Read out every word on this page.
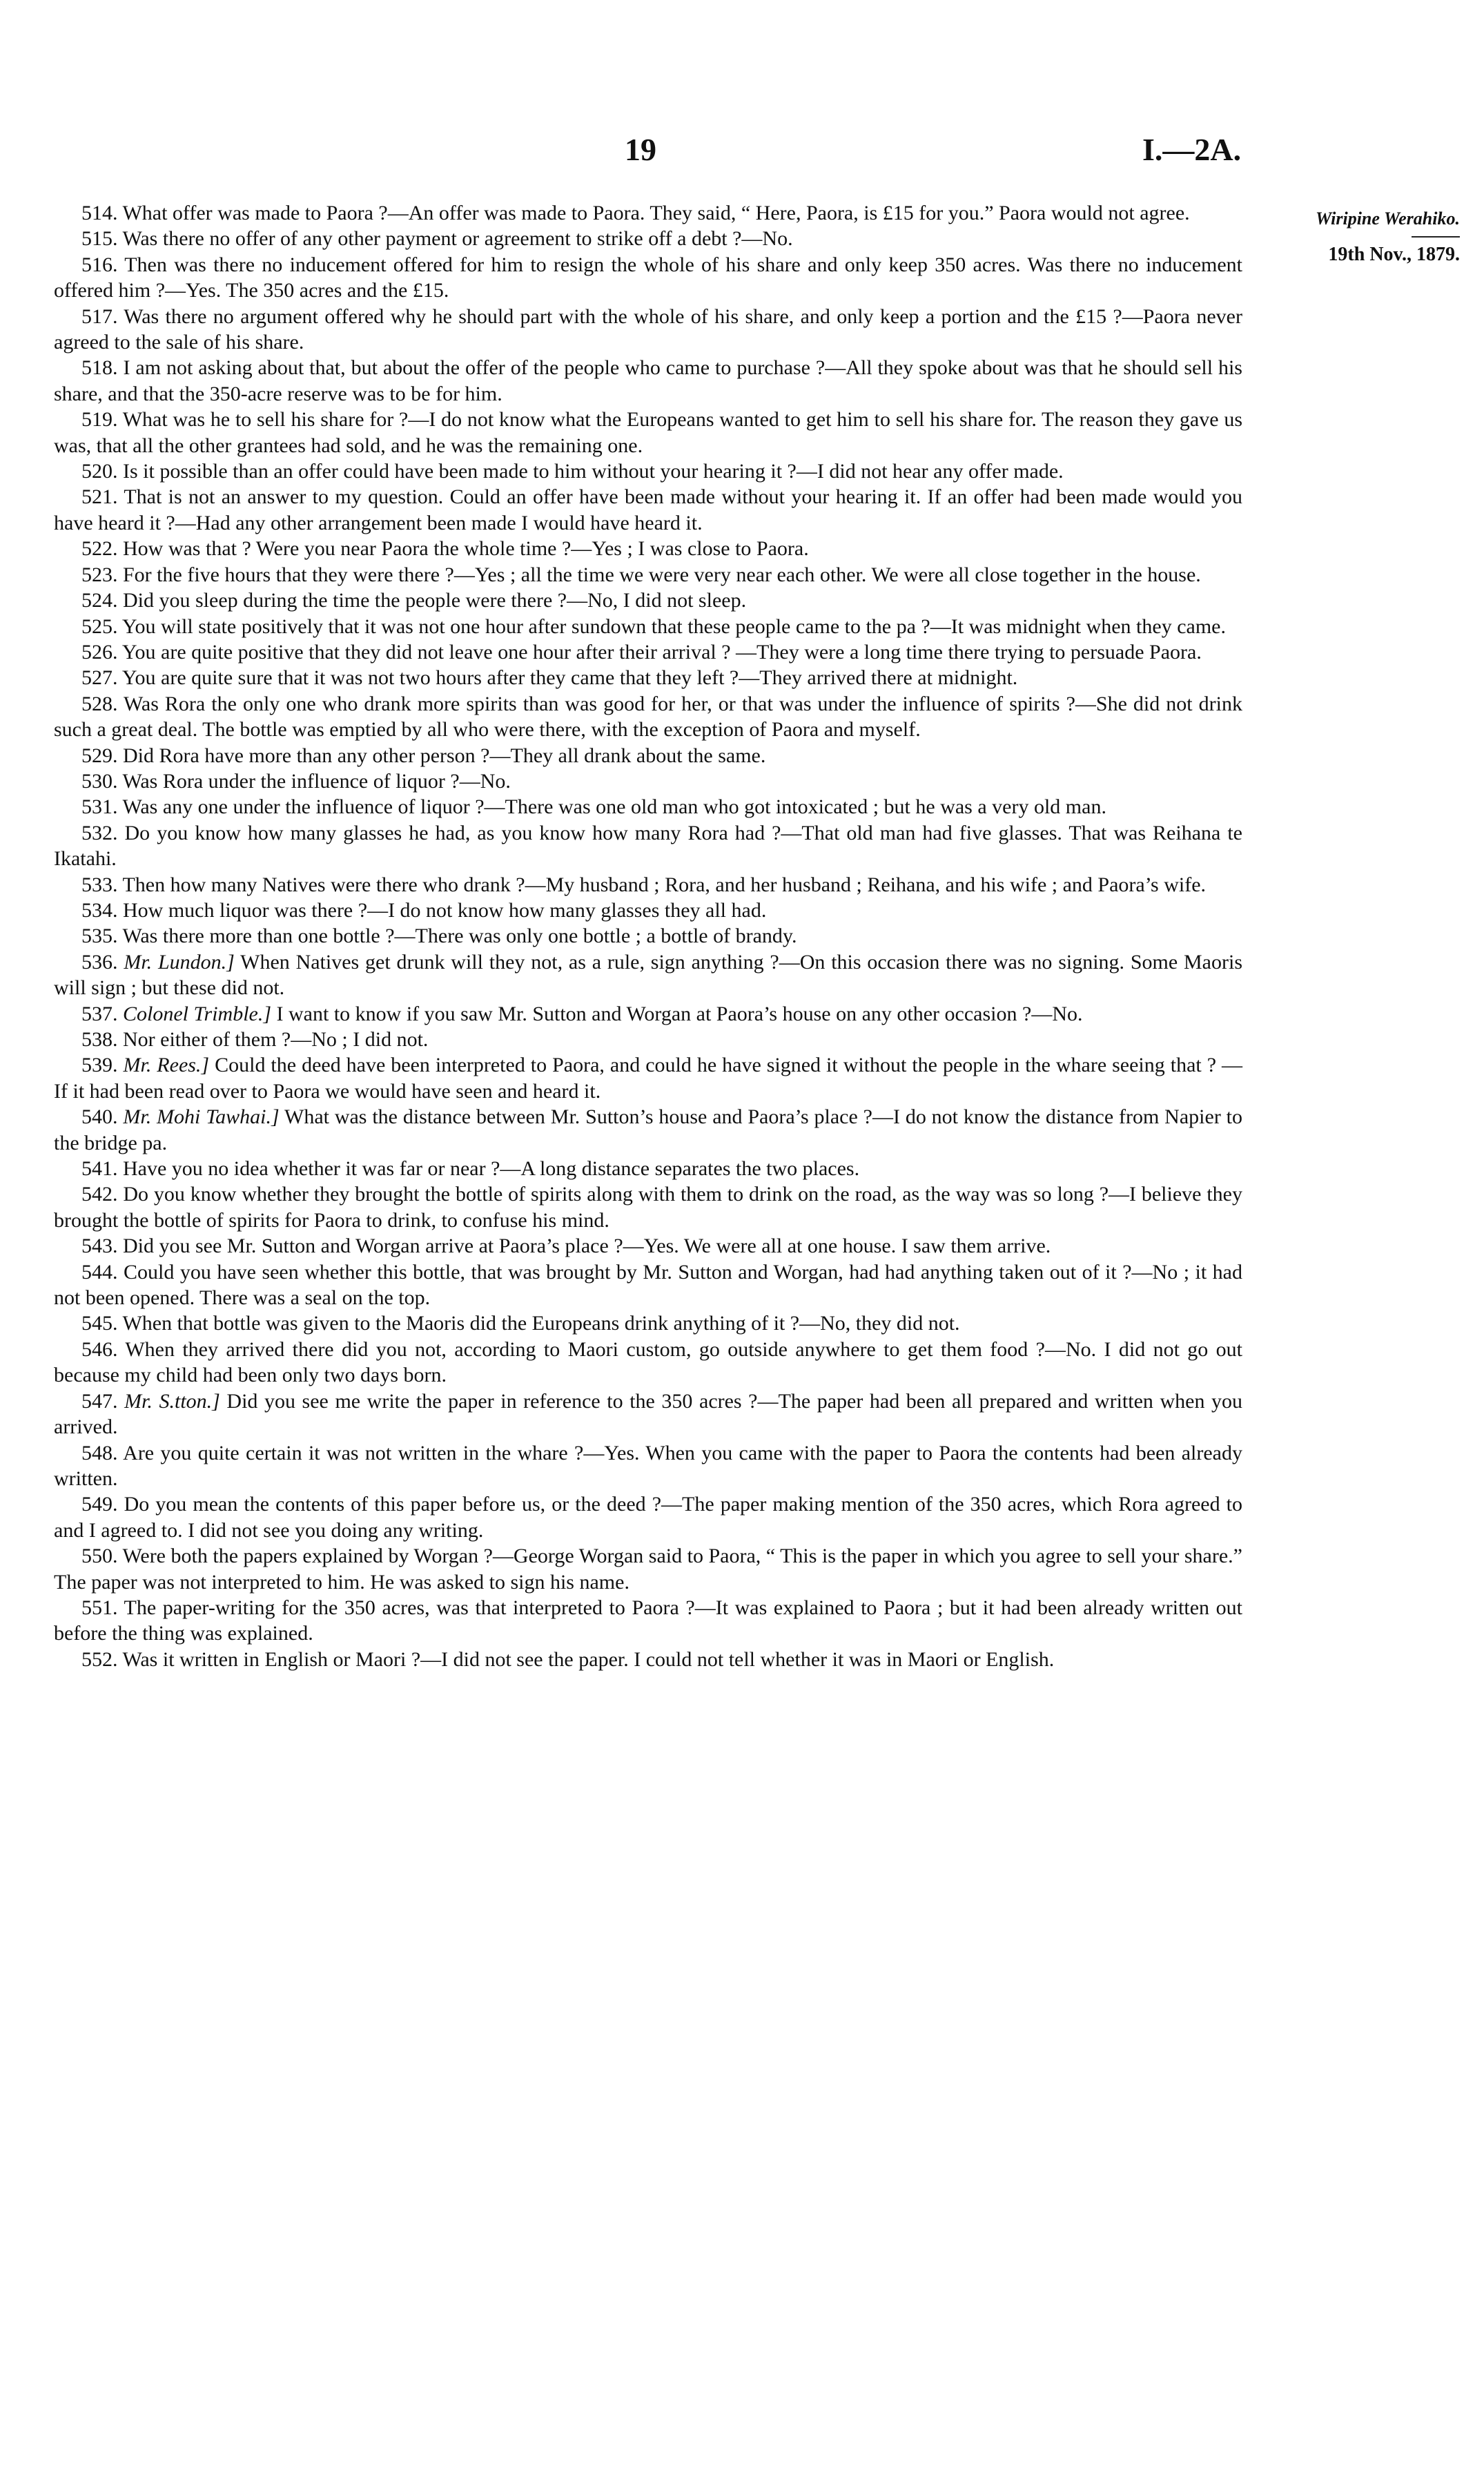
19	I.—2A.
Wiripine Werahiko.
19th Nov., 1879.

514. What offer was made to Paora ?—An offer was made to Paora. They said, “ Here, Paora, is £15 for you.” Paora would not agree.

515. Was there no offer of any other payment or agreement to strike off a debt ?—No.

516. Then was there no inducement offered for him to resign the whole of his share and only keep 350 acres. Was there no inducement offered him ?—Yes. The 350 acres and the £15.

517. Was there no argument offered why he should part with the whole of his share, and only keep a portion and the £15 ?—Paora never agreed to the sale of his share.

518. I am not asking about that, but about the offer of the people who came to purchase ?—All they spoke about was that he should sell his share, and that the 350-acre reserve was to be for him.

519. What was he to sell his share for ?—I do not know what the Europeans wanted to get him to sell his share for. The reason they gave us was, that all the other grantees had sold, and he was the remaining one.

520. Is it possible than an offer could have been made to him without your hearing it ?—I did not hear any offer made.

521. That is not an answer to my question. Could an offer have been made without your hearing it. If an offer had been made would you have heard it ?—Had any other arrangement been made I would have heard it.

522. How was that ? Were you near Paora the whole time ?—Yes ; I was close to Paora.

523. For the five hours that they were there ?—Yes ; all the time we were very near each other. We were all close together in the house.

524. Did you sleep during the time the people were there ?—No, I did not sleep.

525. You will state positively that it was not one hour after sundown that these people came to the pa ?—It was midnight when they came.

526. You are quite positive that they did not leave one hour after their arrival ? —They were a long time there trying to persuade Paora.

527. You are quite sure that it was not two hours after they came that they left ?—They arrived there at midnight.

528. Was Rora the only one who drank more spirits than was good for her, or that was under the influence of spirits ?—She did not drink such a great deal. The bottle was emptied by all who were there, with the exception of Paora and myself.

529. Did Rora have more than any other person ?—They all drank about the same.

530. Was Rora under the influence of liquor ?—No.

531. Was any one under the influence of liquor ?—There was one old man who got intoxicated ; but he was a very old man.

532. Do you know how many glasses he had, as you know how many Rora had ?—That old man had five glasses. That was Reihana te Ikatahi.

533. Then how many Natives were there who drank ?—My husband ; Rora, and her husband ; Reihana, and his wife ; and Paora’s wife.

534. How much liquor was there ?—I do not know how many glasses they all had.

535. Was there more than one bottle ?—There was only one bottle ; a bottle of brandy.

536. Mr. Lundon.] When Natives get drunk will they not, as a rule, sign anything ?—On this occasion there was no signing. Some Maoris will sign ; but these did not.

537. Colonel Trimble.] I want to know if you saw Mr. Sutton and Worgan at Paora’s house on any other occasion ?—No.

538. Nor either of them ?—No ; I did not.

539. Mr. Rees.] Could the deed have been interpreted to Paora, and could he have signed it without the people in the whare seeing that ? — If it had been read over to Paora we would have seen and heard it.

540. Mr. Mohi Tawhai.] What was the distance between Mr. Sutton’s house and Paora’s place ?—I do not know the distance from Napier to the bridge pa.

541. Have you no idea whether it was far or near ?—A long distance separates the two places.

542. Do you know whether they brought the bottle of spirits along with them to drink on the road, as the way was so long ?—I believe they brought the bottle of spirits for Paora to drink, to confuse his mind.

543. Did you see Mr. Sutton and Worgan arrive at Paora’s place ?—Yes. We were all at one house. I saw them arrive.

544. Could you have seen whether this bottle, that was brought by Mr. Sutton and Worgan, had had anything taken out of it ?—No ; it had not been opened. There was a seal on the top.

545. When that bottle was given to the Maoris did the Europeans drink anything of it ?—No, they did not.

546. When they arrived there did you not, according to Maori custom, go outside anywhere to get them food ?—No. I did not go out because my child had been only two days born.

547. Mr. S.tton.] Did you see me write the paper in reference to the 350 acres ?—The paper had been all prepared and written when you arrived.

548. Are you quite certain it was not written in the whare ?—Yes. When you came with the paper to Paora the contents had been already written.

549. Do you mean the contents of this paper before us, or the deed ?—The paper making mention of the 350 acres, which Rora agreed to and I agreed to. I did not see you doing any writing.

550. Were both the papers explained by Worgan ?—George Worgan said to Paora, “ This is the paper in which you agree to sell your share.” The paper was not interpreted to him. He was asked to sign his name.

551. The paper-writing for the 350 acres, was that interpreted to Paora ?—It was explained to Paora ; but it had been already written out before the thing was explained.

552. Was it written in English or Maori ?—I did not see the paper. I could not tell whether it was in Maori or English.
